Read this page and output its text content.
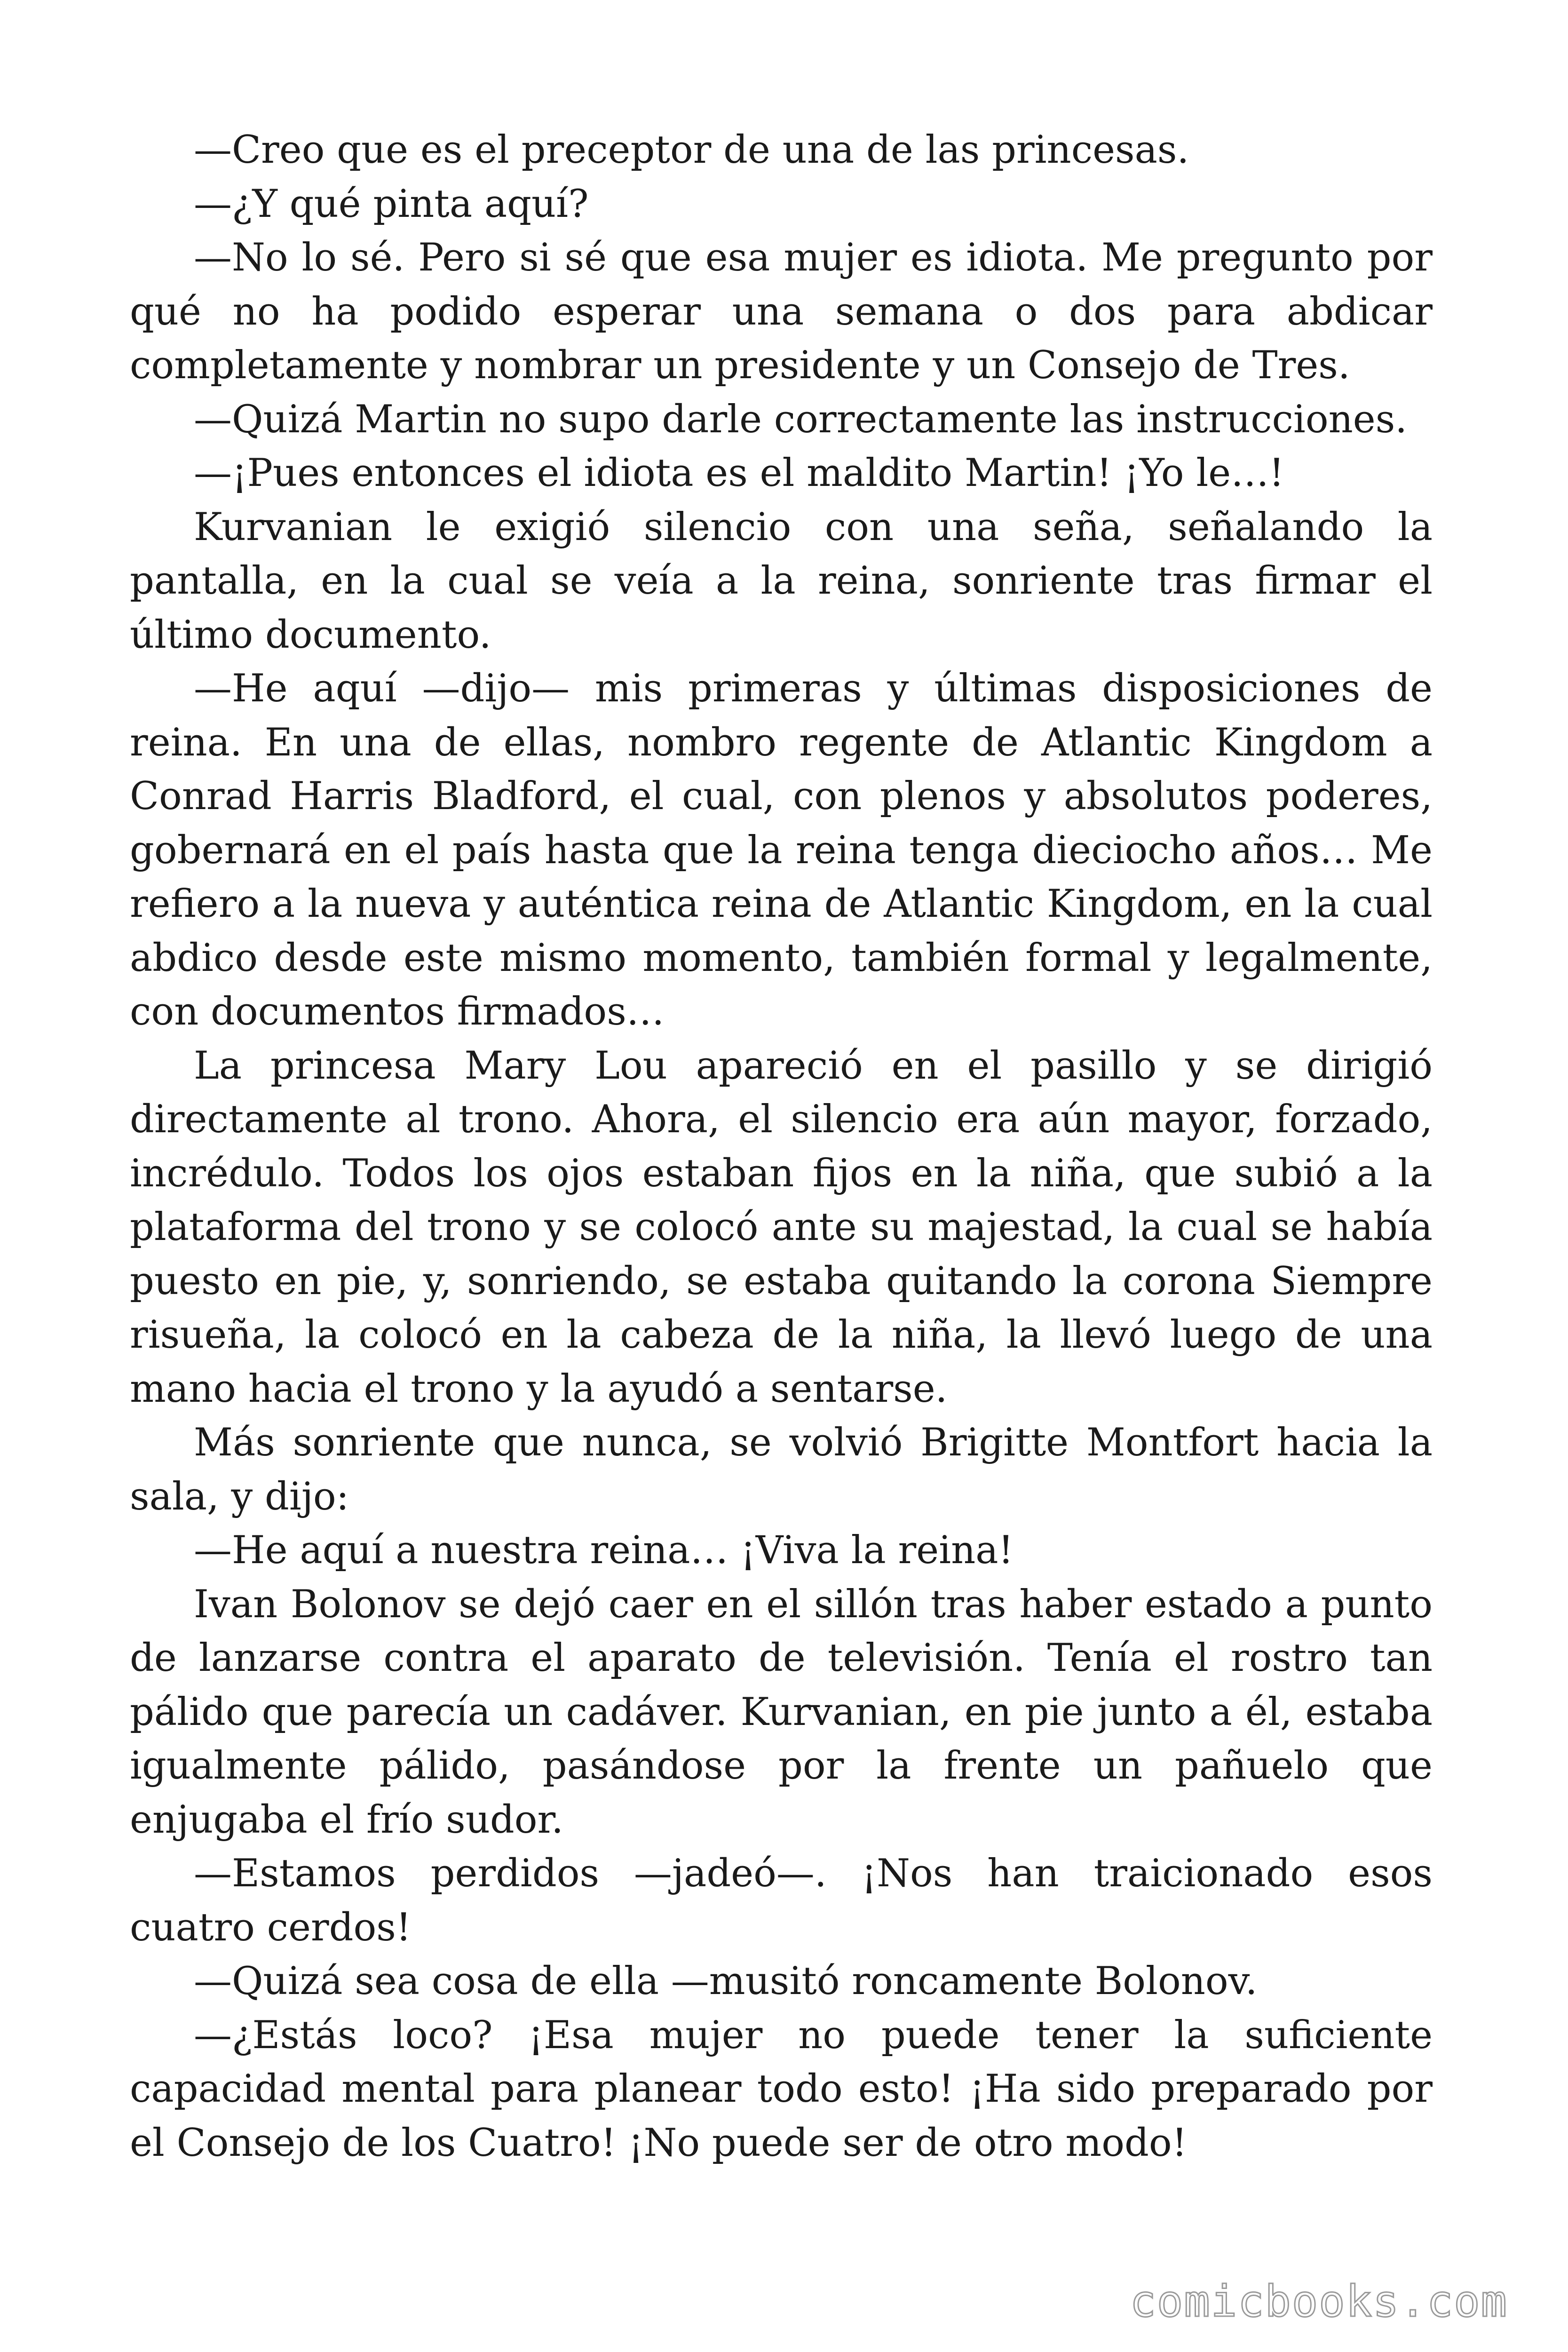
—Creo que es el preceptor de una de las princesas.

—¿Y qué pinta aquí?

—No lo sé. Pero si sé que esa mujer es idiota. Me pregunto por qué no ha podido esperar una semana o dos para abdicar completamente y nombrar un presidente y un Consejo de Tres.

—Quizá Martin no supo darle correctamente las instrucciones.

—¡Pues entonces el idiota es el maldito Martin! ¡Yo le…!

Kurvanian le exigió silencio con una seña, señalando la pantalla, en la cual se veía a la reina, sonriente tras firmar el último documento.

—He aquí —dijo— mis primeras y últimas disposiciones de reina. En una de ellas, nombro regente de Atlantic Kingdom a Conrad Harris Bladford, el cual, con plenos y absolutos poderes, gobernará en el país hasta que la reina tenga dieciocho años… Me refiero a la nueva y auténtica reina de Atlantic Kingdom, en la cual abdico desde este mismo momento, también formal y legalmente, con documentos firmados…

La princesa Mary Lou apareció en el pasillo y se dirigió directamente al trono. Ahora, el silencio era aún mayor, forzado, incrédulo. Todos los ojos estaban fijos en la niña, que subió a la plataforma del trono y se colocó ante su majestad, la cual se había puesto en pie, y, sonriendo, se estaba quitando la corona Siempre risueña, la colocó en la cabeza de la niña, la llevó luego de una mano hacia el trono y la ayudó a sentarse.

Más sonriente que nunca, se volvió Brigitte Montfort hacia la sala, y dijo:

—He aquí a nuestra reina… ¡Viva la reina!

Ivan Bolonov se dejó caer en el sillón tras haber estado a punto de lanzarse contra el aparato de televisión. Tenía el rostro tan pálido que parecía un cadáver. Kurvanian, en pie junto a él, estaba igualmente pálido, pasándose por la frente un pañuelo que enjugaba el frío sudor.

—Estamos perdidos —jadeó—. ¡Nos han traicionado esos cuatro cerdos!

—Quizá sea cosa de ella —musitó roncamente Bolonov.

—¿Estás loco? ¡Esa mujer no puede tener la suficiente capacidad mental para planear todo esto! ¡Ha sido preparado por el Consejo de los Cuatro! ¡No puede ser de otro modo!

comicbooks.com
